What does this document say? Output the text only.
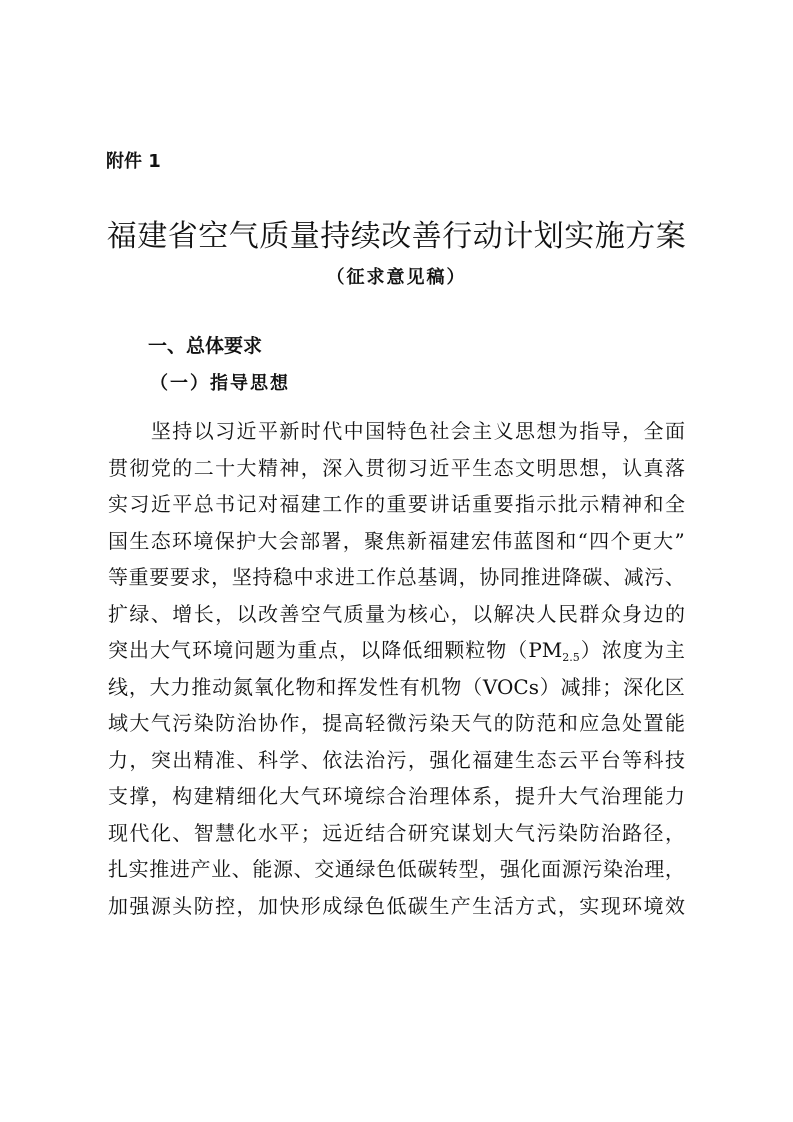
附件 1
福建省空气质量持续改善行动计划实施方案
（征求意见稿）
一、总体要求
（一）指导思想

坚 持 以 习 近 平 新 时 代 中 国 特 色 社 会 主 义 思 想 为 指 导 ， 全 面
贯 彻 党 的 二 十 大 精 神 ， 深 入 贯 彻 习 近 平 生 态 文 明 思 想 ， 认 真 落
实 习 近 平 总 书 记 对 福 建 工 作 的 重 要 讲 话 重 要 指 示 批 示 精 神 和 全
国 生 态 环 境 保 护 大 会 部 署 ， 聚 焦 新 福 建 宏 伟 蓝 图 和 “ 四 个 更 大 ”
等 重 要 要 求 ， 坚 持 稳 中 求 进 工 作 总 基 调 ， 协 同 推 进 降 碳 、 减 污 、
扩 绿 、 增 长 ， 以 改 善 空 气 质 量 为 核 心 ， 以 解 决 人 民 群 众 身 边 的
突 出 大 气 环 境 问 题 为 重 点 ， 以 降 低 细 颗 粒 物 （ $PM_{2.5}$ ） 浓 度 为 主
线 ， 大 力 推 动 氮 氧 化 物 和 挥 发 性 有 机 物 （ VOCs ） 减 排 ； 深 化 区
域 大 气 污 染 防 治 协 作 ， 提 高 轻 微 污 染 天 气 的 防 范 和 应 急 处 置 能
力 ， 突 出 精 准 、 科 学 、 依 法 治 污 ， 强 化 福 建 生 态 云 平 台 等 科 技
支 撑 ， 构 建 精 细 化 大 气 环 境 综 合 治 理 体 系 ， 提 升 大 气 治 理 能 力
现 代 化 、 智 慧 化 水 平 ； 远 近 结 合 研 究 谋 划 大 气 污 染 防 治 路 径 ，
扎 实 推 进 产 业 、 能 源 、 交 通 绿 色 低 碳 转 型 ， 强 化 面 源 污 染 治 理 ，
加 强 源 头 防 控 ， 加 快 形 成 绿 色 低 碳 生 产 生 活 方 式 ， 实 现 环 境 效
